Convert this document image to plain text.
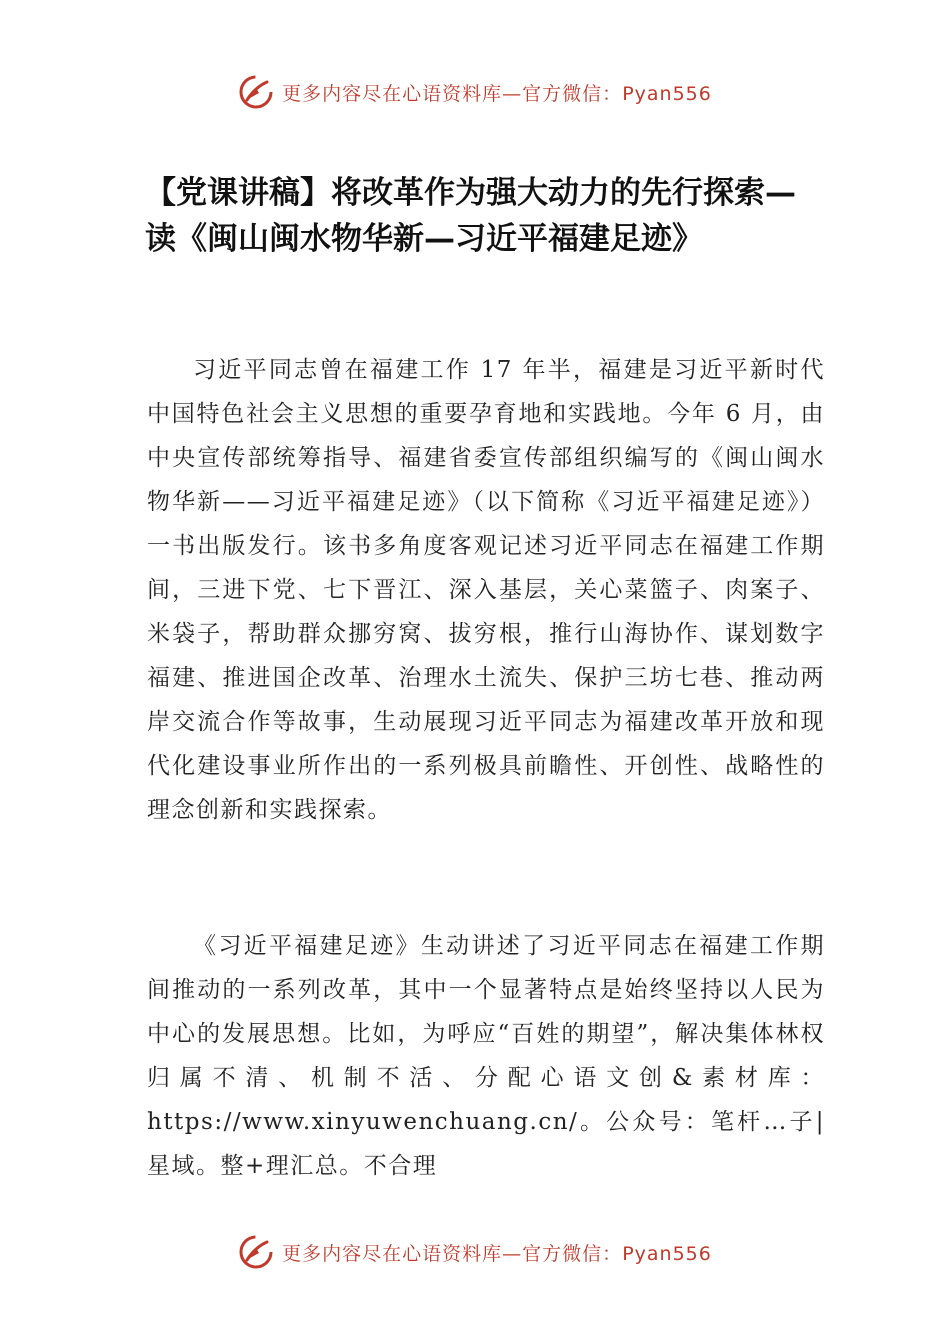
更多内容尽在心语资料库—官方微信：Pyan556
【党课讲稿】将改革作为强大动力的先行探索—读《闽山闽水物华新—习近平福建足迹》

习近平同志曾在福建工作 17 年半，福建是习近平新时代中国特色社会主义思想的重要孕育地和实践地。今年 6 月，由中央宣传部统筹指导、福建省委宣传部组织编写的《闽山闽水物华新——习近平福建足迹》（以下简称《习近平福建足迹》）一书出版发行。该书多角度客观记述习近平同志在福建工作期间，三进下党、七下晋江、深入基层，关心菜篮子、肉案子、米袋子，帮助群众挪穷窝、拔穷根，推行山海协作、谋划数字福建、推进国企改革、治理水土流失、保护三坊七巷、推动两岸交流合作等故事，生动展现习近平同志为福建改革开放和现代化建设事业所作出的一系列极具前瞻性、开创性、战略性的理念创新和实践探索。

《习近平福建足迹》生动讲述了习近平同志在福建工作期间推动的一系列改革，其中一个显著特点是始终坚持以人民为中心的发展思想。比如，为呼应“百姓的期望”，解决集体林权归属不清、机制不活、分配心语文创&素材库：https://www.xinyuwenchuang.cn/。公众号：笔杆…子|星域。整+理汇总。不合理

更多内容尽在心语资料库—官方微信：Pyan556
